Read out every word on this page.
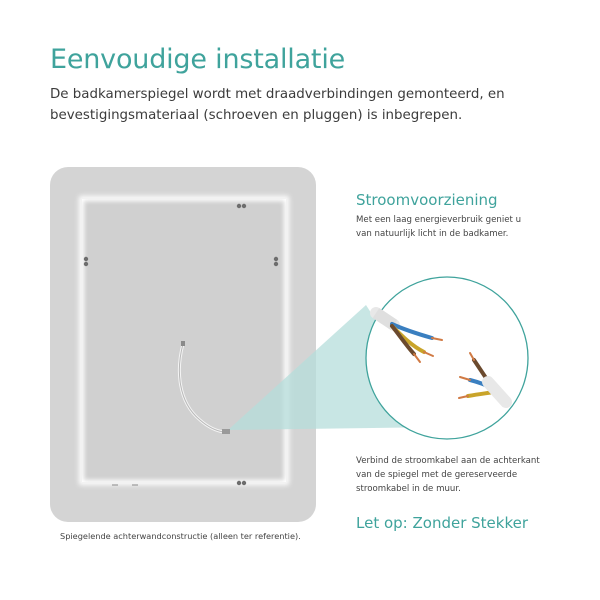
Eenvoudige installatie
De badkamerspiegel wordt met draadverbindingen gemonteerd, en bevestigingsmateriaal (schroeven en pluggen) is inbegrepen.
Stroomvoorziening
Met een laag energieverbruik geniet u
van natuurlijk licht in de badkamer.
Verbind de stroomkabel aan de achterkant
van de spiegel met de gereserveerde
stroomkabel in de muur.
Let op: Zonder Stekker
Spiegelende achterwandconstructie (alleen ter referentie).
